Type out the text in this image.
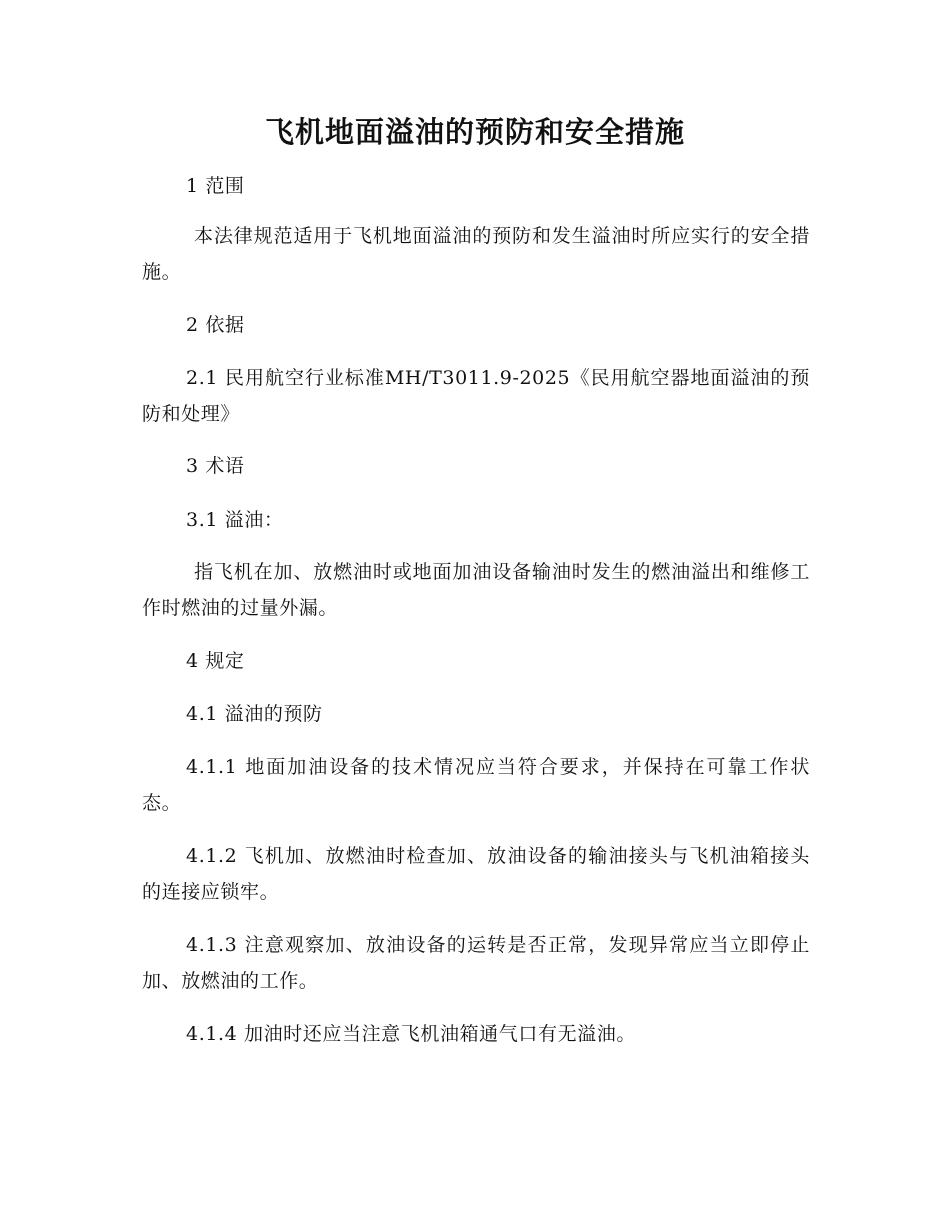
飞机地面溢油的预防和安全措施

1 范围

本法律规范适用于飞机地面溢油的预防和发生溢油时所应实行的安全措施。

2 依据

2.1 民用航空行业标准MH/T3011.9-2025《民用航空器地面溢油的预防和处理》

3 术语

3.1 溢油：

指飞机在加、放燃油时或地面加油设备输油时发生的燃油溢出和维修工作时燃油的过量外漏。

4 规定

4.1 溢油的预防

4.1.1 地面加油设备的技术情况应当符合要求，并保持在可靠工作状态。

4.1.2 飞机加、放燃油时检查加、放油设备的输油接头与飞机油箱接头的连接应锁牢。

4.1.3 注意观察加、放油设备的运转是否正常，发现异常应当立即停止加、放燃油的工作。

4.1.4 加油时还应当注意飞机油箱通气口有无溢油。
